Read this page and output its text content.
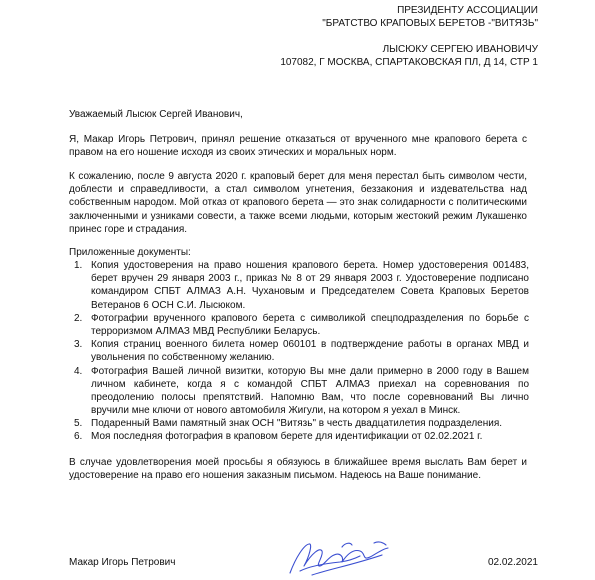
ПРЕЗИДЕНТУ АССОЦИАЦИИ
"БРАТСТВО КРАПОВЫХ БЕРЕТОВ -"ВИТЯЗЬ"
ЛЫСЮКУ СЕРГЕЮ ИВАНОВИЧУ
107082, Г МОСКВА, СПАРТАКОВСКАЯ ПЛ, Д 14, СТР 1
Уважаемый Лысюк Сергей Иванович,
Я, Макар Игорь Петрович, принял решение отказаться от врученного мне крапового берета с правом на его ношение исходя из своих этических и моральных норм.
К сожалению, после 9 августа 2020 г. краповый берет для меня перестал быть символом чести, доблести и справедливости, а стал символом угнетения, беззакония и издевательства над собственным народом. Мой отказ от крапового берета — это знак солидарности с политическими заключенными и узниками совести, а также всеми людьми, которым жестокий режим Лукашенко принес горе и страдания.
Приложенные документы:
1. Копия удостоверения на право ношения крапового берета. Номер удостоверения 001483, берет вручен 29 января 2003 г., приказ № 8 от 29 января 2003 г. Удостоверение подписано командиром СПБТ АЛМАЗ А.Н. Чухановым и Председателем Совета Краповых Беретов Ветеранов 6 ОСН С.И. Лысюком.
2. Фотографии врученного крапового берета с символикой спецподразделения по борьбе с терроризмом АЛМАЗ МВД Республики Беларусь.
3. Копия страниц военного билета номер 060101 в подтверждение работы в органах МВД и увольнения по собственному желанию.
4. Фотография Вашей личной визитки, которую Вы мне дали примерно в 2000 году в Вашем личном кабинете, когда я с командой СПБТ АЛМАЗ приехал на соревнования по преодолению полосы препятствий. Напомню Вам, что после соревнований Вы лично вручили мне ключи от нового автомобиля Жигули, на котором я уехал в Минск.
5. Подаренный Вами памятный знак ОСН "Витязь" в честь двадцатилетия подразделения.
6. Моя последняя фотография в краповом берете для идентификации от 02.02.2021 г.
В случае удовлетворения моей просьбы я обязуюсь в ближайшее время выслать Вам берет и удостоверение на право его ношения заказным письмом. Надеюсь на Ваше понимание.
Макар Игорь Петрович	02.02.2021
